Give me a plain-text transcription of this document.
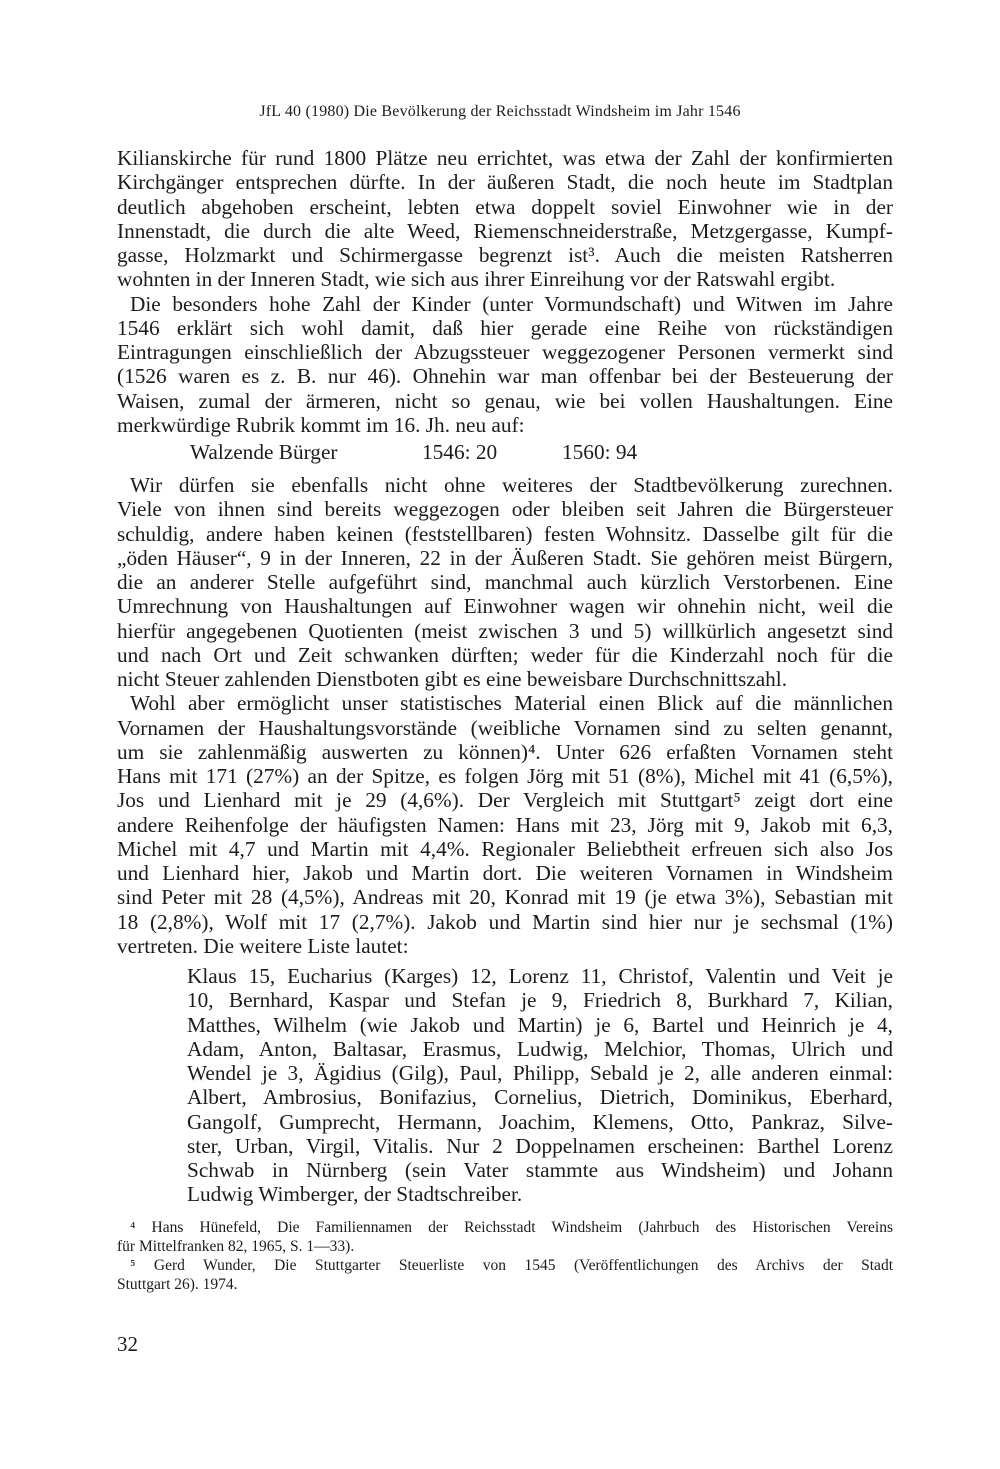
JfL 40 (1980) Die Bevölkerung der Reichsstadt Windsheim im Jahr 1546
Kilianskirche für rund 1800 Plätze neu errichtet, was etwa der Zahl der konfirmierten
Kirchgänger entsprechen dürfte. In der äußeren Stadt, die noch heute im Stadtplan
deutlich abgehoben erscheint, lebten etwa doppelt soviel Einwohner wie in der
Innenstadt, die durch die alte Weed, Riemenschneiderstraße, Metzgergasse, Kumpf-
gasse, Holzmarkt und Schirmergasse begrenzt ist³. Auch die meisten Ratsherren
wohnten in der Inneren Stadt, wie sich aus ihrer Einreihung vor der Ratswahl ergibt.
Die besonders hohe Zahl der Kinder (unter Vormundschaft) und Witwen im Jahre
1546 erklärt sich wohl damit, daß hier gerade eine Reihe von rückständigen
Eintragungen einschließlich der Abzugssteuer weggezogener Personen vermerkt sind
(1526 waren es z. B. nur 46). Ohnehin war man offenbar bei der Besteuerung der
Waisen, zumal der ärmeren, nicht so genau, wie bei vollen Haushaltungen. Eine
merkwürdige Rubrik kommt im 16. Jh. neu auf:
Walzende Bürger	1546: 20	1560: 94
Wir dürfen sie ebenfalls nicht ohne weiteres der Stadtbevölkerung zurechnen.
Viele von ihnen sind bereits weggezogen oder bleiben seit Jahren die Bürgersteuer
schuldig, andere haben keinen (feststellbaren) festen Wohnsitz. Dasselbe gilt für die
„öden Häuser“, 9 in der Inneren, 22 in der Äußeren Stadt. Sie gehören meist Bürgern,
die an anderer Stelle aufgeführt sind, manchmal auch kürzlich Verstorbenen. Eine
Umrechnung von Haushaltungen auf Einwohner wagen wir ohnehin nicht, weil die
hierfür angegebenen Quotienten (meist zwischen 3 und 5) willkürlich angesetzt sind
und nach Ort und Zeit schwanken dürften; weder für die Kinderzahl noch für die
nicht Steuer zahlenden Dienstboten gibt es eine beweisbare Durchschnittszahl.
Wohl aber ermöglicht unser statistisches Material einen Blick auf die männlichen
Vornamen der Haushaltungsvorstände (weibliche Vornamen sind zu selten genannt,
um sie zahlenmäßig auswerten zu können)⁴. Unter 626 erfaßten Vornamen steht
Hans mit 171 (27%) an der Spitze, es folgen Jörg mit 51 (8%), Michel mit 41 (6,5%),
Jos und Lienhard mit je 29 (4,6%). Der Vergleich mit Stuttgart⁵ zeigt dort eine
andere Reihenfolge der häufigsten Namen: Hans mit 23, Jörg mit 9, Jakob mit 6,3,
Michel mit 4,7 und Martin mit 4,4%. Regionaler Beliebtheit erfreuen sich also Jos
und Lienhard hier, Jakob und Martin dort. Die weiteren Vornamen in Windsheim
sind Peter mit 28 (4,5%), Andreas mit 20, Konrad mit 19 (je etwa 3%), Sebastian mit
18 (2,8%), Wolf mit 17 (2,7%). Jakob und Martin sind hier nur je sechsmal (1%)
vertreten. Die weitere Liste lautet:
Klaus 15, Eucharius (Karges) 12, Lorenz 11, Christof, Valentin und Veit je
10, Bernhard, Kaspar und Stefan je 9, Friedrich 8, Burkhard 7, Kilian,
Matthes, Wilhelm (wie Jakob und Martin) je 6, Bartel und Heinrich je 4,
Adam, Anton, Baltasar, Erasmus, Ludwig, Melchior, Thomas, Ulrich und
Wendel je 3, Ägidius (Gilg), Paul, Philipp, Sebald je 2, alle anderen einmal:
Albert, Ambrosius, Bonifazius, Cornelius, Dietrich, Dominikus, Eberhard,
Gangolf, Gumprecht, Hermann, Joachim, Klemens, Otto, Pankraz, Silve-
ster, Urban, Virgil, Vitalis. Nur 2 Doppelnamen erscheinen: Barthel Lorenz
Schwab in Nürnberg (sein Vater stammte aus Windsheim) und Johann
Ludwig Wimberger, der Stadtschreiber.
⁴ Hans Hünefeld, Die Familiennamen der Reichsstadt Windsheim (Jahrbuch des Historischen Vereins
für Mittelfranken 82, 1965, S. 1—33).
⁵ Gerd Wunder, Die Stuttgarter Steuerliste von 1545 (Veröffentlichungen des Archivs der Stadt
Stuttgart 26). 1974.
32
